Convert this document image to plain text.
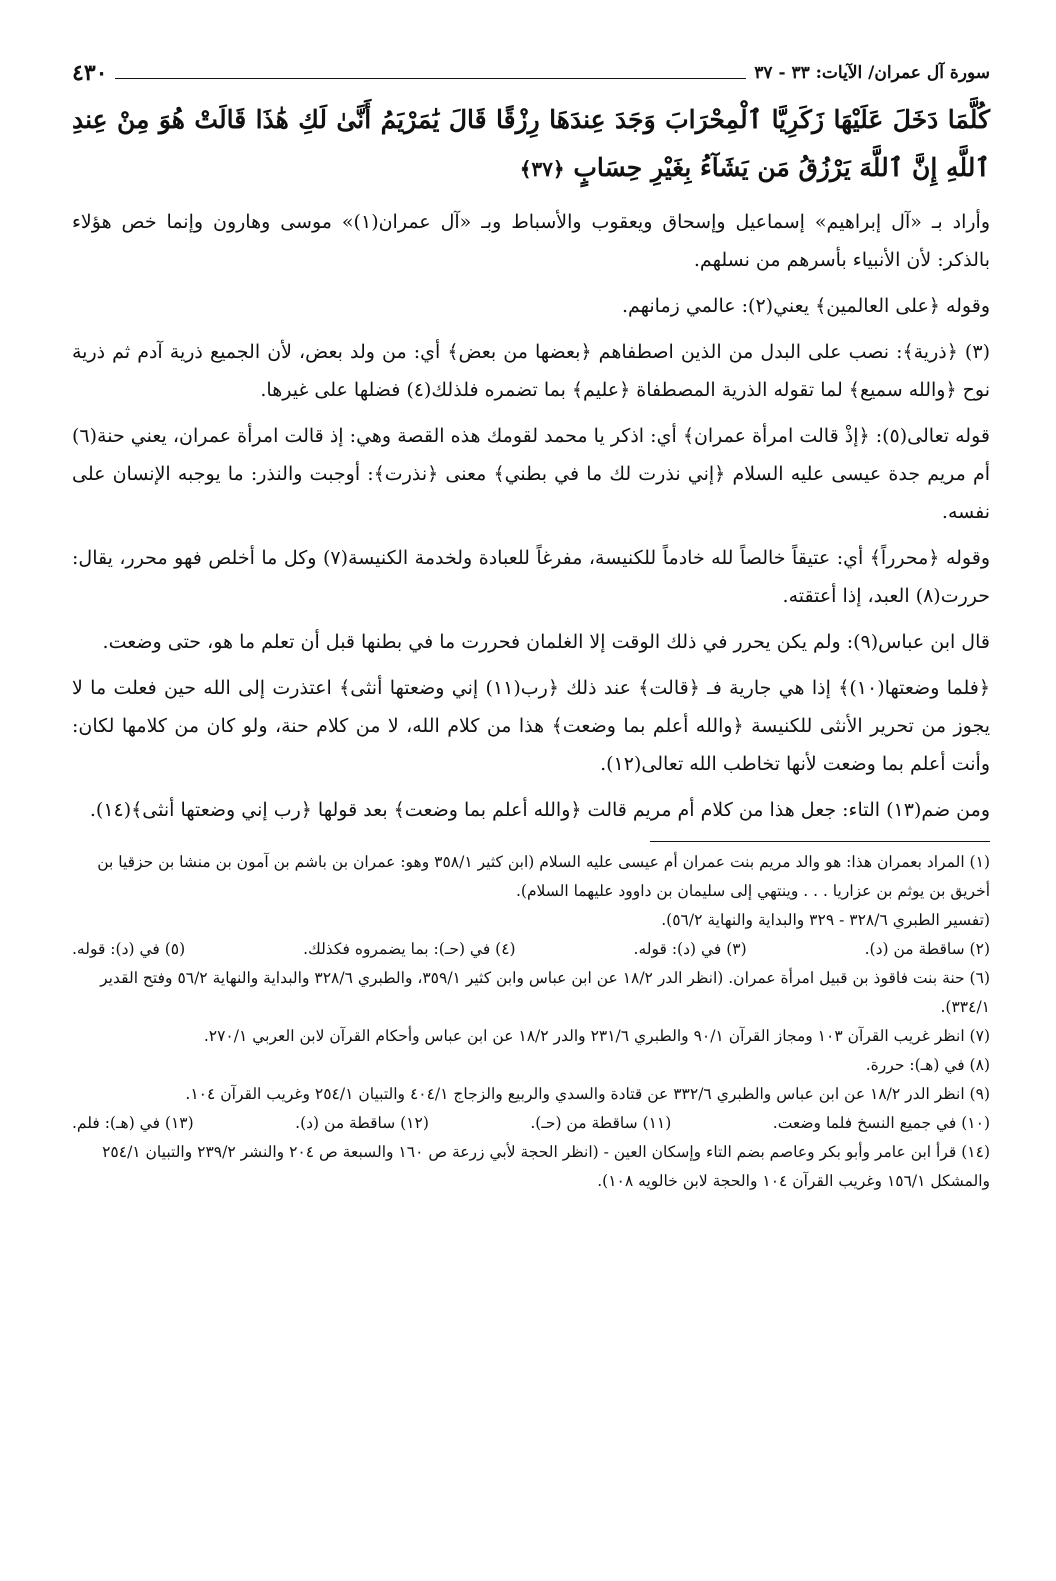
سورة آل عمران/ الآيات: ٣٣ - ٣٧
٤٣٠
كُلَّمَا دَخَلَ عَلَيْهَا زَكَرِيَّا ٱلْمِحْرَابَ وَجَدَ عِندَهَا رِزْقًا قَالَ يَٰمَرْيَمُ أَنَّىٰ لَكِ هَٰذَا قَالَتْ هُوَ مِنْ عِندِ ٱللَّهِ إِنَّ ٱللَّهَ يَرْزُقُ مَن يَشَآءُ بِغَيْرِ حِسَابٍ ﴿٣٧﴾

وأراد بـ «آل إبراهيم» إسماعيل وإسحاق ويعقوب والأسباط وبـ «آل عمران(١)» موسى وهارون وإنما خص هؤلاء بالذكر: لأن الأنبياء بأسرهم من نسلهم.

وقوله ﴿على العالمين﴾ يعني(٢): عالمي زمانهم.

(٣) ﴿ذرية﴾: نصب على البدل من الذين اصطفاهم ﴿بعضها من بعض﴾ أي: من ولد بعض، لأن الجميع ذرية آدم ثم ذرية نوح ﴿والله سميع﴾ لما تقوله الذرية المصطفاة ﴿عليم﴾ بما تضمره فلذلك(٤) فضلها على غيرها.

قوله تعالى(٥): ﴿إذْ قالت امرأة عمران﴾ أي: اذكر يا محمد لقومك هذه القصة وهي: إذ قالت امرأة عمران، يعني حنة(٦) أم مريم جدة عيسى عليه السلام ﴿إني نذرت لك ما في بطني﴾ معنى ﴿نذرت﴾: أوجبت والنذر: ما يوجبه الإنسان على نفسه.

وقوله ﴿محرراً﴾ أي: عتيقاً خالصاً لله خادماً للكنيسة، مفرغاً للعبادة ولخدمة الكنيسة(٧) وكل ما أخلص فهو محرر، يقال: حررت(٨) العبد، إذا أعتقته.

قال ابن عباس(٩): ولم يكن يحرر في ذلك الوقت إلا الغلمان فحررت ما في بطنها قبل أن تعلم ما هو، حتى وضعت.

﴿فلما وضعتها(١٠)﴾ إذا هي جارية فـ ﴿قالت﴾ عند ذلك ﴿رب(١١) إني وضعتها أنثى﴾ اعتذرت إلى الله حين فعلت ما لا يجوز من تحرير الأنثى للكنيسة ﴿والله أعلم بما وضعت﴾ هذا من كلام الله، لا من كلام حنة، ولو كان من كلامها لكان: وأنت أعلم بما وضعت لأنها تخاطب الله تعالى(١٢).

ومن ضم(١٣) التاء: جعل هذا من كلام أم مريم قالت ﴿والله أعلم بما وضعت﴾ بعد قولها ﴿رب إني وضعتها أنثى﴾(١٤).

(١) المراد بعمران هذا: هو والد مريم بنت عمران أم عيسى عليه السلام (ابن كثير ٣٥٨/١ وهو: عمران بن باشم بن آمون بن منشا بن حزقيا بن أخريق بن يوثم بن عزاريا . . . وينتهي إلى سليمان بن داوود عليهما السلام).

(تفسير الطبري ٣٢٨/٦ - ٣٢٩ والبداية والنهاية ٥٦/٢).

(٢) ساقطة من (د).
(٣) في (د): قوله.
(٤) في (حـ): بما يضمروه فكذلك.
(٥) في (د): قوله.

(٦) حنة بنت فاقوذ بن قبيل امرأة عمران. (انظر الدر ١٨/٢ عن ابن عباس وابن كثير ٣٥٩/١، والطبري ٣٢٨/٦ والبداية والنهاية ٥٦/٢ وفتح القدير ٣٣٤/١).

(٧) انظر غريب القرآن ١٠٣ ومجاز القرآن ٩٠/١ والطبري ٢٣١/٦ والدر ١٨/٢ عن ابن عباس وأحكام القرآن لابن العربي ٢٧٠/١.

(٨) في (هـ): حررة.

(٩) انظر الدر ١٨/٢ عن ابن عباس والطبري ٣٣٢/٦ عن قتادة والسدي والربيع والزجاج ٤٠٤/١ والتبيان ٢٥٤/١ وغريب القرآن ١٠٤.

(١٠) في جميع النسخ فلما وضعت.
(١١) ساقطة من (حـ).
(١٢) ساقطة من (د).
(١٣) في (هـ): فلم.

(١٤) قرأ ابن عامر وأبو بكر وعاصم بضم التاء وإسكان العين - (انظر الحجة لأبي زرعة ص ١٦٠ والسبعة ص ٢٠٤ والنشر ٢٣٩/٢ والتبيان ٢٥٤/١ والمشكل ١٥٦/١ وغريب القرآن ١٠٤ والحجة لابن خالويه ١٠٨).
